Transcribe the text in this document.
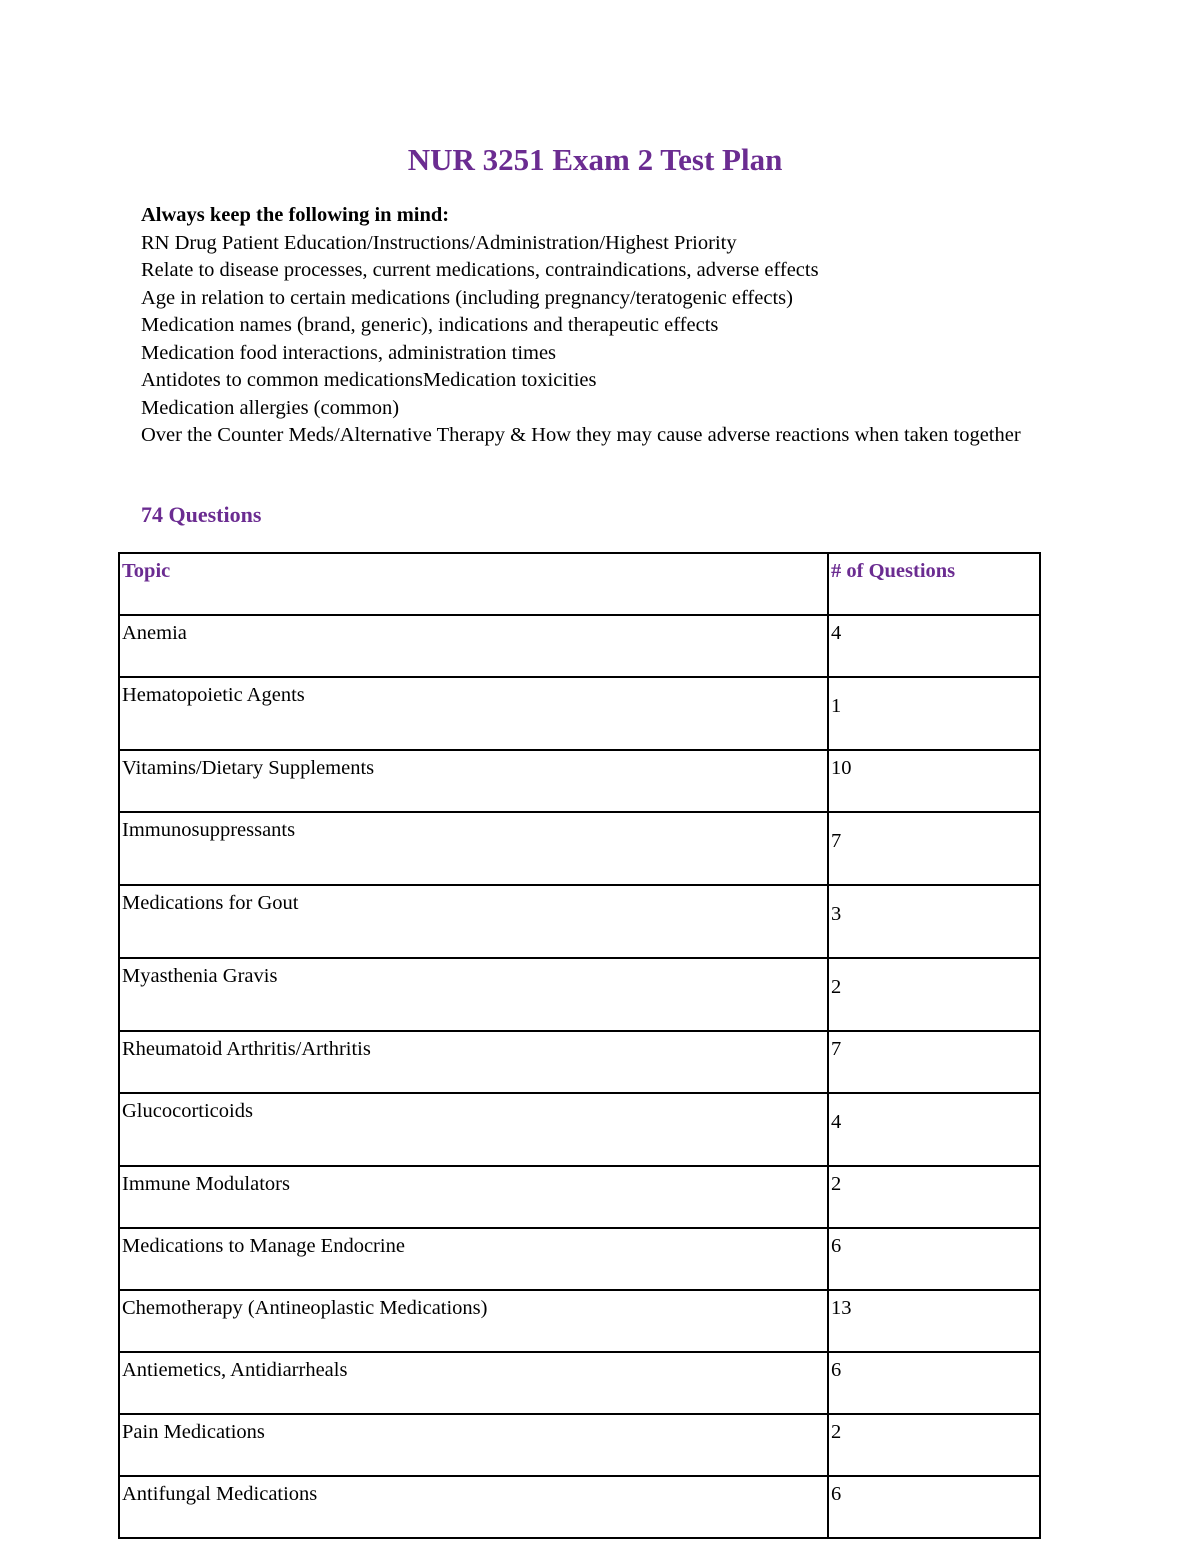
NUR 3251 Exam 2 Test Plan
Always keep the following in mind:
RN Drug Patient Education/Instructions/Administration/Highest Priority
Relate to disease processes, current medications, contraindications, adverse effects
Age in relation to certain medications (including pregnancy/teratogenic effects)
Medication names (brand, generic), indications and therapeutic effects
Medication food interactions, administration times
Antidotes to common medicationsMedication toxicities
Medication allergies (common)
Over the Counter Meds/Alternative Therapy & How they may cause adverse reactions when taken together
74 Questions
Topic	# of Questions
Anemia	4
Hematopoietic Agents	1
Vitamins/Dietary Supplements	10
Immunosuppressants	7
Medications for Gout	3
Myasthenia Gravis	2
Rheumatoid Arthritis/Arthritis	7
Glucocorticoids	4
Immune Modulators	2
Medications to Manage Endocrine	6
Chemotherapy (Antineoplastic Medications)	13
Antiemetics, Antidiarrheals	6
Pain Medications	2
Antifungal Medications	6
